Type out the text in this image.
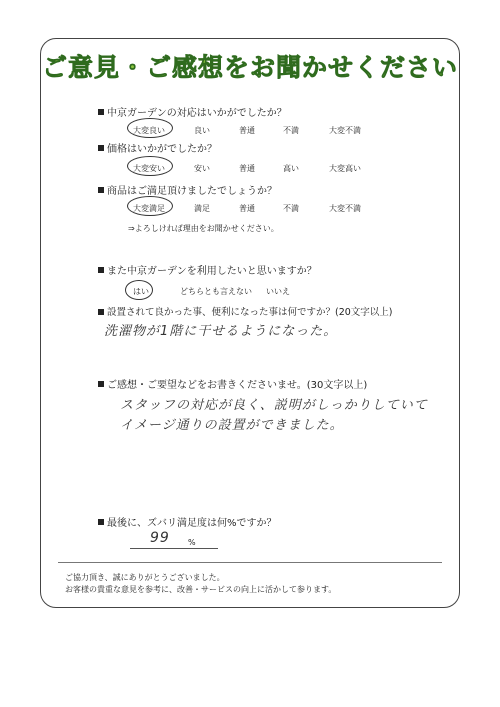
ご意見・ご感想をお聞かせください
中京ガーデンの対応はいかがでしたか？
大変良い	良い	普通	不満	大変不満
価格はいかがでしたか？
大変安い	安い	普通	高い	大変高い
商品はご満足頂けましたでしょうか？
大変満足	満足	普通	不満	大変不満
⇒よろしければ理由をお聞かせください。
また中京ガーデンを利用したいと思いますか？
はい	どちらとも言えない いいえ
設置されて良かった事、便利になった事は何ですか？(20文字以上)
洗濯物が1階に干せるようになった。
ご感想・ご要望などをお書きくださいませ。(30文字以上)
スタッフの対応が良く、説明がしっかりしていて
イメージ通りの設置ができました。
最後に、ズバリ満足度は何%ですか？
99 %
ご協力頂き、誠にありがとうございました。
お客様の貴重な意見を参考に、改善・サービスの向上に活かして参ります。
